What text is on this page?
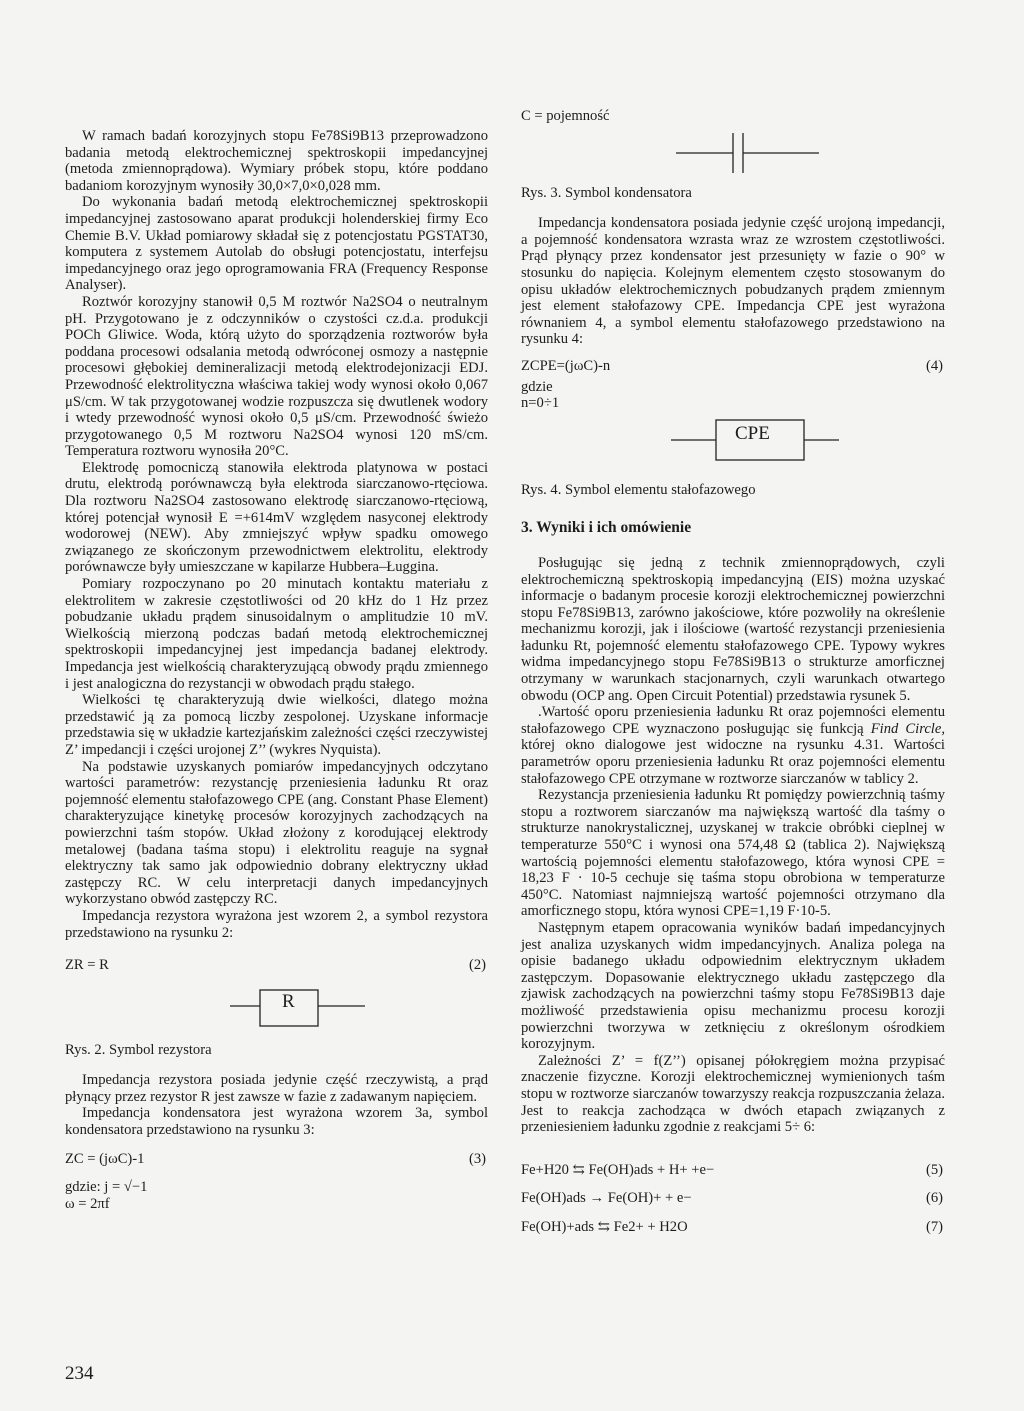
W ramach badań korozyjnych stopu Fe78Si9B13 przeprowadzono badania metodą elektrochemicznej spektroskopii impedancyjnej (metoda zmiennoprądowa). Wymiary próbek stopu, które poddano badaniom korozyjnym wynosiły 30,0×7,0×0,028 mm.

Do wykonania badań metodą elektrochemicznej spektroskopii impedancyjnej zastosowano aparat produkcji holenderskiej firmy Eco Chemie B.V. Układ pomiarowy składał się z potencjostatu PGSTAT30, komputera z systemem Autolab do obsługi potencjostatu, interfejsu impedancyjnego oraz jego oprogramowania FRA (Frequency Response Analyser).

Roztwór korozyjny stanowił 0,5 M roztwór Na2SO4 o neutralnym pH. Przygotowano je z odczynników o czystości cz.d.a. produkcji POCh Gliwice. Woda, którą użyto do sporządzenia roztworów była poddana procesowi odsalania metodą odwróconej osmozy a następnie procesowi głębokiej demineralizacji metodą elektrodejonizacji EDJ. Przewodność elektrolityczna właściwa takiej wody wynosi około 0,067 μS/cm. W tak przygotowanej wodzie rozpuszcza się dwutlenek wodory i wtedy przewodność wynosi około 0,5 μS/cm. Przewodność świeżo przygotowanego 0,5 M roztworu Na2SO4 wynosi 120 mS/cm. Temperatura roztworu wynosiła 20°C.

Elektrodę pomocniczą stanowiła elektroda platynowa w postaci drutu, elektrodą porównawczą była elektroda siarczanowo-rtęciowa. Dla roztworu Na2SO4 zastosowano elektrodę siarczanowo-rtęciową, której potencjał wynosił E =+614mV względem nasyconej elektrody wodorowej (NEW). Aby zmniejszyć wpływ spadku omowego związanego ze skończonym przewodnictwem elektrolitu, elektrody porównawcze były umieszczane w kapilarze Hubbera–Ługgina.

Pomiary rozpoczynano po 20 minutach kontaktu materiału z elektrolitem w zakresie częstotliwości od 20 kHz do 1 Hz przez pobudzanie układu prądem sinusoidalnym o amplitudzie 10 mV. Wielkością mierzoną podczas badań metodą elektrochemicznej spektroskopii impedancyjnej jest impedancja badanej elektrody. Impedancja jest wielkością charakteryzującą obwody prądu zmiennego i jest analogiczna do rezystancji w obwodach prądu stałego.

Wielkości tę charakteryzują dwie wielkości, dlatego można przedstawić ją za pomocą liczby zespolonej. Uzyskane informacje przedstawia się w układzie kartezjańskim zależności części rzeczywistej Z’ impedancji i części urojonej Z’’ (wykres Nyquista).

Na podstawie uzyskanych pomiarów impedancyjnych odczytano wartości parametrów: rezystancję przeniesienia ładunku Rt oraz pojemność elementu stałofazowego CPE (ang. Constant Phase Element) charakteryzujące kinetykę procesów korozyjnych zachodzących na powierzchni taśm stopów. Układ złożony z korodującej elektrody metalowej (badana taśma stopu) i elektrolitu reaguje na sygnał elektryczny tak samo jak odpowiednio dobrany elektryczny układ zastępczy RC. W celu interpretacji danych impedancyjnych wykorzystano obwód zastępczy RC.

Impedancja rezystora wyrażona jest wzorem 2, a symbol rezystora przedstawiono na rysunku 2:

ZR = R	(2)
R

Rys. 2. Symbol rezystora

Impedancja rezystora posiada jedynie część rzeczywistą, a prąd płynący przez rezystor R jest zawsze w fazie z zadawanym napięciem.

Impedancja kondensatora jest wyrażona wzorem 3a, symbol kondensatora przedstawiono na rysunku 3:

ZC = (jωC)-1	(3)

gdzie: j = √−1

ω = 2πf

234

C = pojemność

Rys. 3. Symbol kondensatora

Impedancja kondensatora posiada jedynie część urojoną impedancji, a pojemność kondensatora wzrasta wraz ze wzrostem częstotliwości. Prąd płynący przez kondensator jest przesunięty w fazie o 90° w stosunku do napięcia. Kolejnym elementem często stosowanym do opisu układów elektrochemicznych pobudzanych prądem zmiennym jest element stałofazowy CPE. Impedancja CPE jest wyrażona równaniem 4, a symbol elementu stałofazowego przedstawiono na rysunku 4:

ZCPE=(jωC)-n	(4)

gdzie

n=0÷1

CPE

Rys. 4. Symbol elementu stałofazowego

3. Wyniki i ich omówienie

Posługując się jedną z technik zmiennoprądowych, czyli elektrochemiczną spektroskopią impedancyjną (EIS) można uzyskać informacje o badanym procesie korozji elektrochemicznej powierzchni stopu Fe78Si9B13, zarówno jakościowe, które pozwoliły na określenie mechanizmu korozji, jak i ilościowe (wartość rezystancji przeniesienia ładunku Rt, pojemność elementu stałofazowego CPE. Typowy wykres widma impedancyjnego stopu Fe78Si9B13 o strukturze amorficznej otrzymany w warunkach stacjonarnych, czyli warunkach otwartego obwodu (OCP ang. Open Circuit Potential) przedstawia rysunek 5.

.Wartość oporu przeniesienia ładunku Rt oraz pojemności elementu stałofazowego CPE wyznaczono posługując się funkcją Find Circle, której okno dialogowe jest widoczne na rysunku 4.31. Wartości parametrów oporu przeniesienia ładunku Rt oraz pojemności elementu stałofazowego CPE otrzymane w roztworze siarczanów w tablicy 2.

Rezystancja przeniesienia ładunku Rt pomiędzy powierzchnią taśmy stopu a roztworem siarczanów ma największą wartość dla taśmy o strukturze nanokrystalicznej, uzyskanej w trakcie obróbki cieplnej w temperaturze 550°C i wynosi ona 574,48 Ω (tablica 2). Największą wartością pojemności elementu stałofazowego, która wynosi CPE = 18,23 F · 10-5 cechuje się taśma stopu obrobiona w temperaturze 450°C. Natomiast najmniejszą wartość pojemności otrzymano dla amorficznego stopu, która wynosi CPE=1,19 F·10-5.

Następnym etapem opracowania wyników badań impedancyjnych jest analiza uzyskanych widm impedancyjnych. Analiza polega na opisie badanego układu odpowiednim elektrycznym układem zastępczym. Dopasowanie elektrycznego układu zastępczego dla zjawisk zachodzących na powierzchni taśmy stopu Fe78Si9B13 daje możliwość przedstawienia opisu mechanizmu procesu korozji powierzchni tworzywa w zetknięciu z określonym ośrodkiem korozyjnym.

Zależności Z’ = f(Z’’) opisanej półokręgiem można przypisać znaczenie fizyczne. Korozji elektrochemicznej wymienionych taśm stopu w roztworze siarczanów towarzyszy reakcja rozpuszczania żelaza. Jest to reakcja zachodząca w dwóch etapach związanych z przeniesieniem ładunku zgodnie z reakcjami 5÷ 6:

Fe+H20 ⇆ Fe(OH)ads + H+ +e−	(5)
Fe(OH)ads → Fe(OH)+ + e−	(6)
Fe(OH)+ads ⇆ Fe2+ + H2O	(7)
